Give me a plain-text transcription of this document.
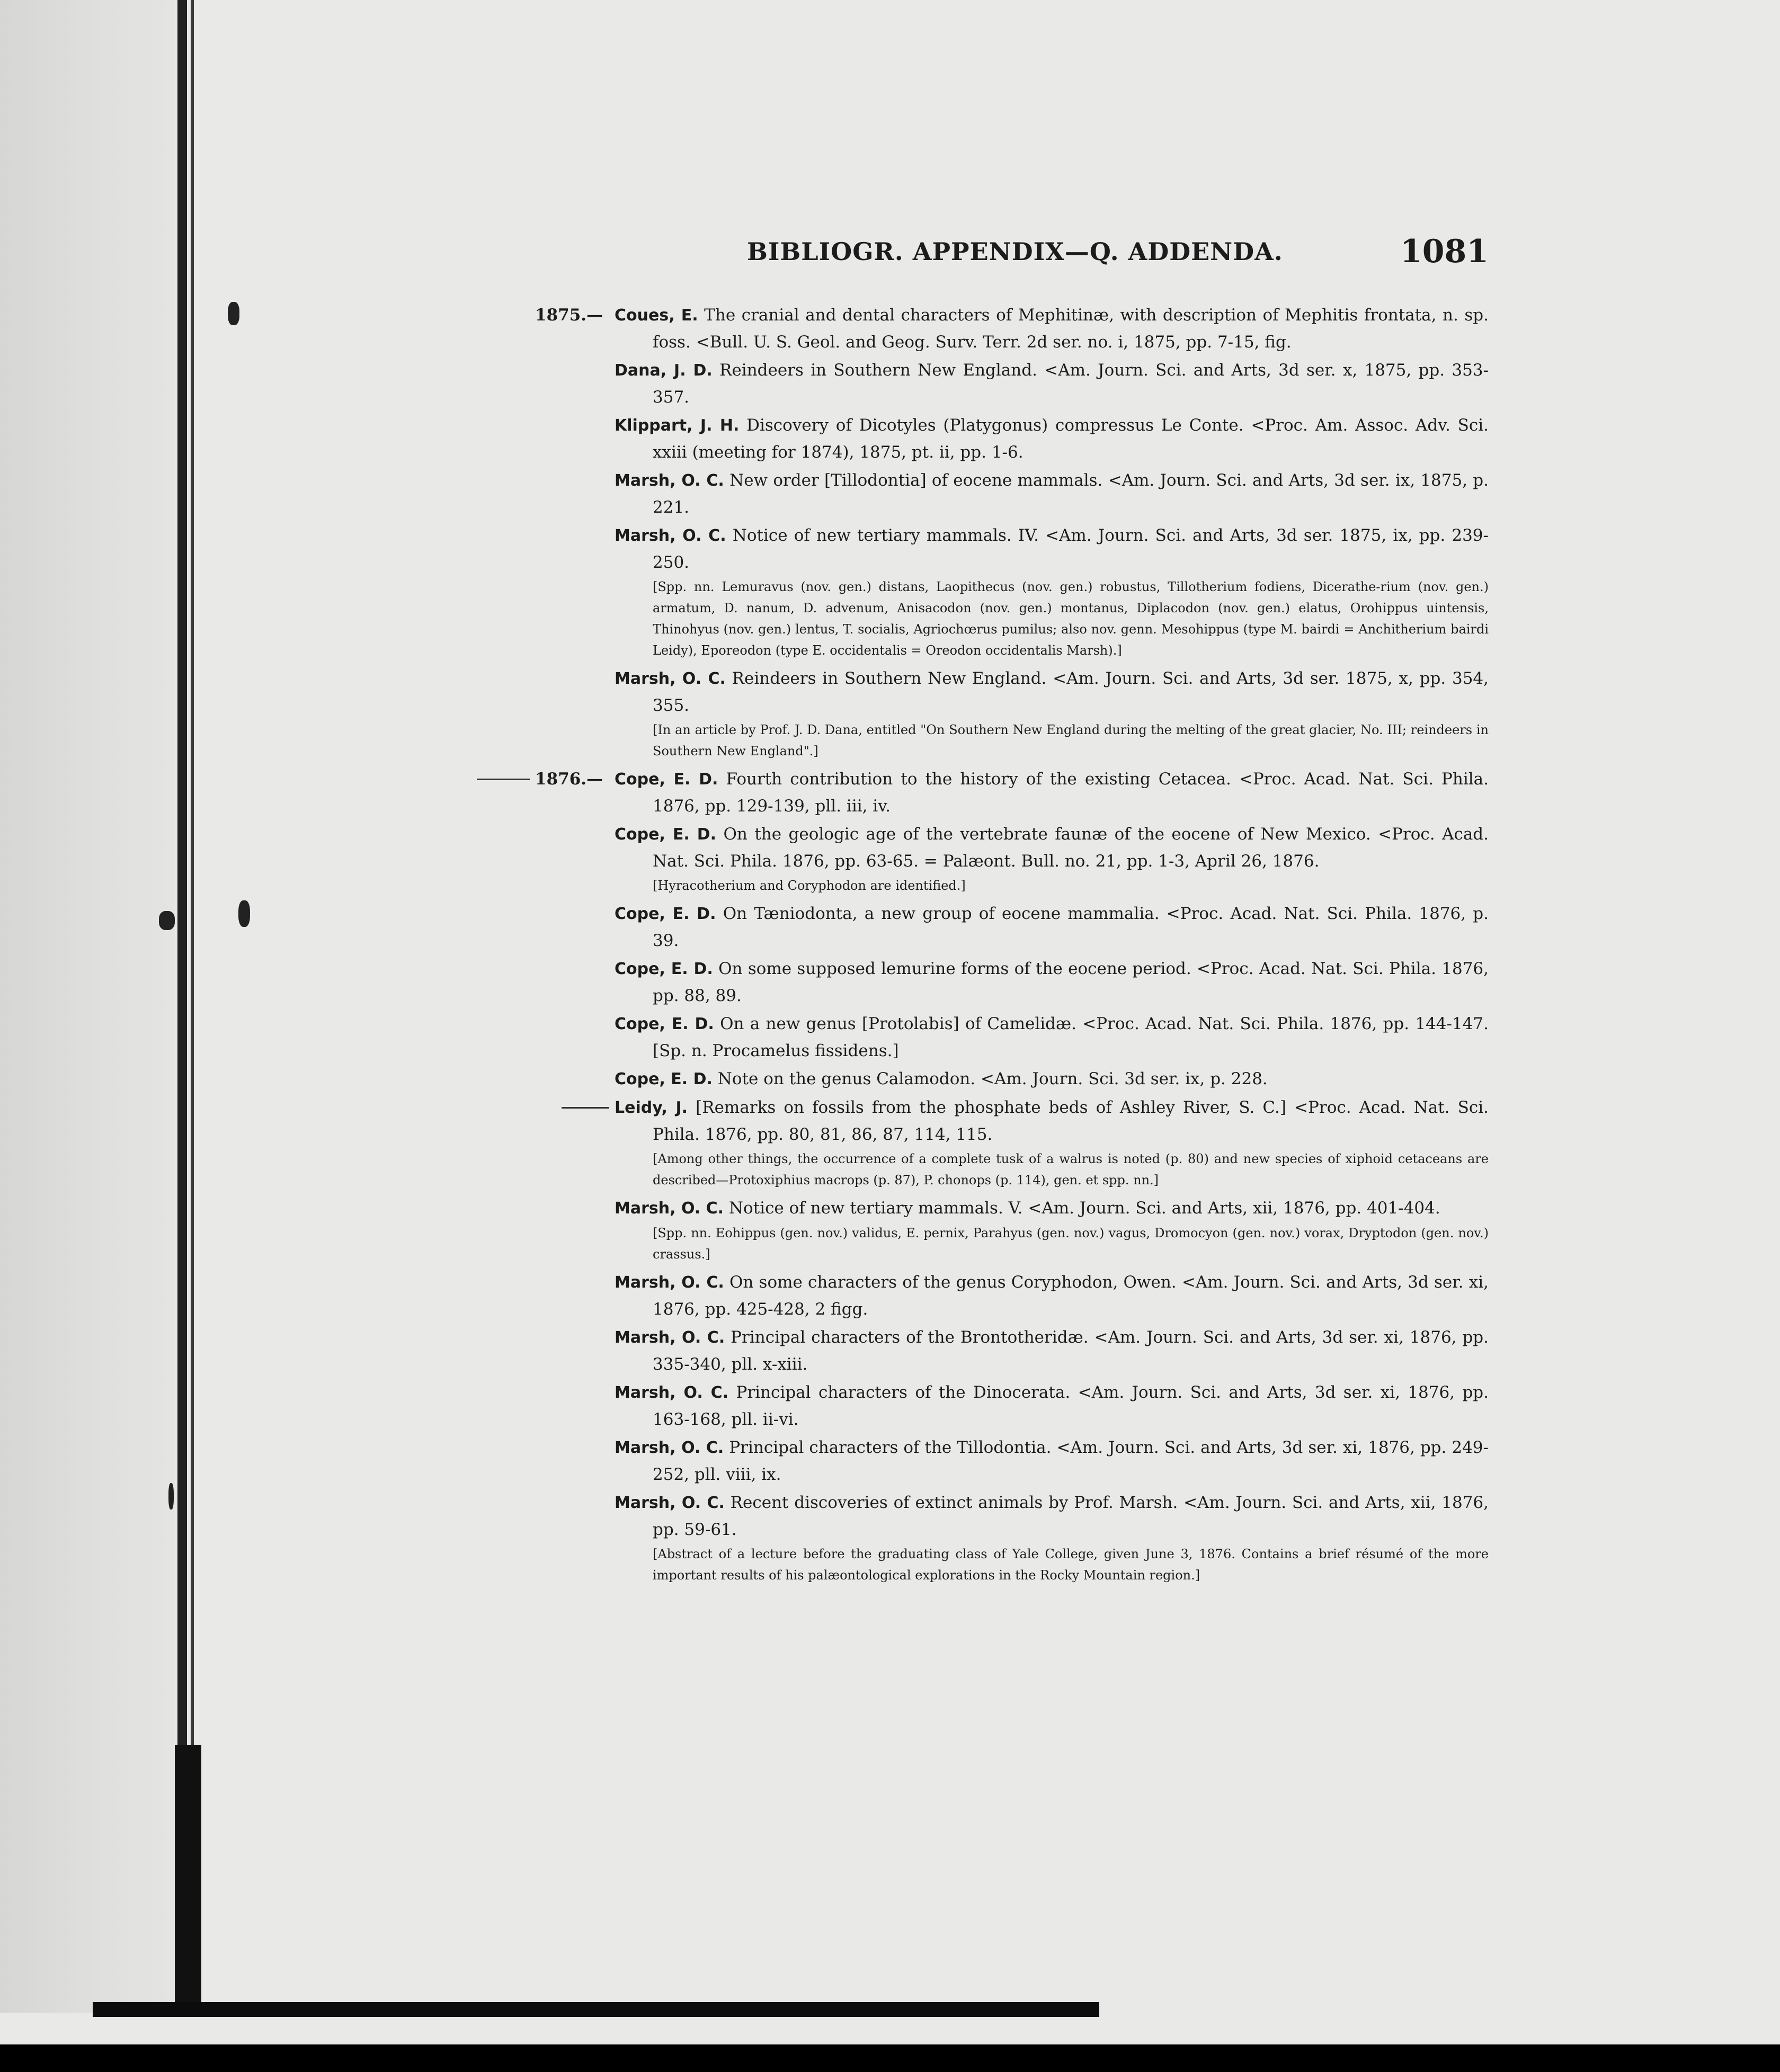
BIBLIOGR. APPENDIX—Q. ADDENDA.	1081
1875.— Coues, E. The cranial and dental characters of Mephitinæ, with description of Mephitis frontata, n. sp. foss. <Bull. U. S. Geol. and Geog. Surv. Terr. 2d ser. no. i, 1875, pp. 7-15, fig.
Dana, J. D. Reindeers in Southern New England. <Am. Journ. Sci. and Arts, 3d ser. x, 1875, pp. 353-357.
Klippart, J. H. Discovery of Dicotyles (Platygonus) compressus Le Conte. <Proc. Am. Assoc. Adv. Sci. xxiii (meeting for 1874), 1875, pt. ii, pp. 1-6.
Marsh, O. C. New order [Tillodontia] of eocene mammals. <Am. Journ. Sci. and Arts, 3d ser. ix, 1875, p. 221.
Marsh, O. C. Notice of new tertiary mammals. IV. <Am. Journ. Sci. and Arts, 3d ser. 1875, ix, pp. 239-250.
[Spp. nn. Lemuravus (nov. gen.) distans, Laopithecus (nov. gen.) robustus, Tillotherium fodiens, Dicerathe-rium (nov. gen.) armatum, D. nanum, D. advenum, Anisacodon (nov. gen.) montanus, Diplacodon (nov. gen.) elatus, Orohippus uintensis, Thinohyus (nov. gen.) lentus, T. socialis, Agriochœrus pumilus; also nov. genn. Mesohippus (type M. bairdi = Anchitherium bairdi Leidy), Eporeodon (type E. occidentalis = Oreodon occidentalis Marsh).]
Marsh, O. C. Reindeers in Southern New England. <Am. Journ. Sci. and Arts, 3d ser. 1875, x, pp. 354, 355.
[In an article by Prof. J. D. Dana, entitled "On Southern New England during the melting of the great glacier, No. III; reindeers in Southern New England".]
1876.— Cope, E. D. Fourth contribution to the history of the existing Cetacea. <Proc. Acad. Nat. Sci. Phila. 1876, pp. 129-139, pll. iii, iv.
Cope, E. D. On the geologic age of the vertebrate faunæ of the eocene of New Mexico. <Proc. Acad. Nat. Sci. Phila. 1876, pp. 63-65. = Palæont. Bull. no. 21, pp. 1-3, April 26, 1876.
[Hyracotherium and Coryphodon are identified.]
Cope, E. D. On Tæniodonta, a new group of eocene mammalia. <Proc. Acad. Nat. Sci. Phila. 1876, p. 39.
Cope, E. D. On some supposed lemurine forms of the eocene period. <Proc. Acad. Nat. Sci. Phila. 1876, pp. 88, 89.
Cope, E. D. On a new genus [Protolabis] of Camelidæ. <Proc. Acad. Nat. Sci. Phila. 1876, pp. 144-147. [Sp. n. Procamelus fissidens.]
Cope, E. D. Note on the genus Calamodon. <Am. Journ. Sci. 3d ser. ix, p. 228.
Leidy, J. [Remarks on fossils from the phosphate beds of Ashley River, S. C.] <Proc. Acad. Nat. Sci. Phila. 1876, pp. 80, 81, 86, 87, 114, 115.
[Among other things, the occurrence of a complete tusk of a walrus is noted (p. 80) and new species of xiphoid cetaceans are described—Protoxiphius macrops (p. 87), P. chonops (p. 114), gen. et spp. nn.]
Marsh, O. C. Notice of new tertiary mammals. V. <Am. Journ. Sci. and Arts, xii, 1876, pp. 401-404.
[Spp. nn. Eohippus (gen. nov.) validus, E. pernix, Parahyus (gen. nov.) vagus, Dromocyon (gen. nov.) vorax, Dryptodon (gen. nov.) crassus.]
Marsh, O. C. On some characters of the genus Coryphodon, Owen. <Am. Journ. Sci. and Arts, 3d ser. xi, 1876, pp. 425-428, 2 figg.
Marsh, O. C. Principal characters of the Brontotheridæ. <Am. Journ. Sci. and Arts, 3d ser. xi, 1876, pp. 335-340, pll. x-xiii.
Marsh, O. C. Principal characters of the Dinocerata. <Am. Journ. Sci. and Arts, 3d ser. xi, 1876, pp. 163-168, pll. ii-vi.
Marsh, O. C. Principal characters of the Tillodontia. <Am. Journ. Sci. and Arts, 3d ser. xi, 1876, pp. 249-252, pll. viii, ix.
Marsh, O. C. Recent discoveries of extinct animals by Prof. Marsh. <Am. Journ. Sci. and Arts, xii, 1876, pp. 59-61.
[Abstract of a lecture before the graduating class of Yale College, given June 3, 1876. Contains a brief résumé of the more important results of his palæontological explorations in the Rocky Mountain region.]
